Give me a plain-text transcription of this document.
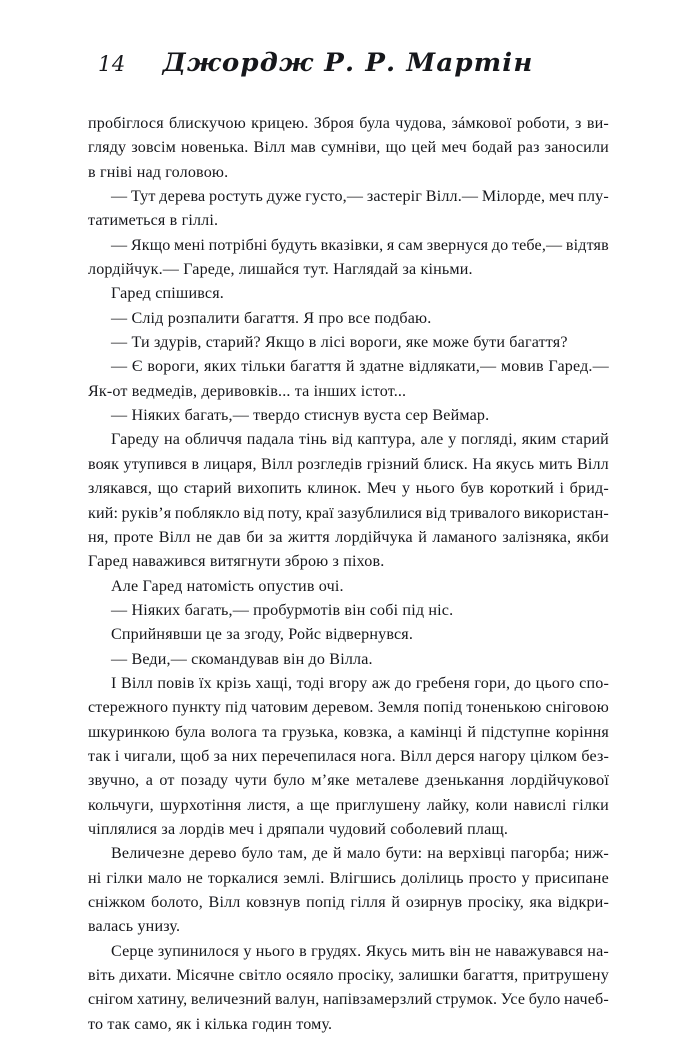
14	Джордж Р. Р. Мартін
пробіглося блискучою крицею. Зброя була чудова, зáмкової роботи, з ви-
гляду зовсім новенька. Вілл мав сумніви, що цей меч бодай раз заносили
в гніві над головою.
— Тут дерева ростуть дуже густо,— застеріг Вілл.— Мілорде, меч плу-
татиметься в гіллі.
— Якщо мені потрібні будуть вказівки, я сам звернуся до тебе,— відтяв
лордійчук.— Гареде, лишайся тут. Наглядай за кіньми.
Гаред спішився.
— Слід розпалити багаття. Я про все подбаю.
— Ти здурів, старий? Якщо в лісі вороги, яке може бути багаття?
— Є вороги, яких тільки багаття й здатне відлякати,— мовив Гаред.—
Як-от ведмедів, деривовків... та інших істот...
— Ніяких багать,— твердо стиснув вуста сер Веймар.
Гареду на обличчя падала тінь від каптура, але у погляді, яким старий
вояк утупився в лицаря, Вілл розгледів грізний блиск. На якусь мить Вілл
злякався, що старий вихопить клинок. Меч у нього був короткий і брид-
кий: руків’я поблякло від поту, краї зазублилися від тривалого використан-
ня, проте Вілл не дав би за життя лордійчука й ламаного залізняка, якби
Гаред наважився витягнути зброю з піхов.
Але Гаред натомість опустив очі.
— Ніяких багать,— пробурмотів він собі під ніс.
Сприйнявши це за згоду, Ройс відвернувся.
— Веди,— скомандував він до Вілла.
І Вілл повів їх крізь хащі, тоді вгору аж до гребеня гори, до цього спо-
стережного пункту під чатовим деревом. Земля попід тоненькою сніговою
шкуринкою була волога та грузька, ковзка, а камінці й підступне коріння
так і чигали, щоб за них перечепилася нога. Вілл дерся нагору цілком без-
звучно, а от позаду чути було м’яке металеве дзенькання лордійчукової
кольчуги, шурхотіння листя, а ще приглушену лайку, коли навислі гілки
чіплялися за лордів меч і дряпали чудовий соболевий плащ.
Величезне дерево було там, де й мало бути: на верхівці пагорба; ниж-
ні гілки мало не торкалися землі. Влігшись долілиць просто у присипане
сніжком болото, Вілл ковзнув попід гілля й озирнув просіку, яка відкри-
валась унизу.
Серце зупинилося у нього в грудях. Якусь мить він не наважувався на-
віть дихати. Місячне світло осяяло просіку, залишки багаття, притрушену
снігом хатину, величезний валун, напівзамерзлий струмок. Усе було начеб-
то так само, як і кілька годин тому.
